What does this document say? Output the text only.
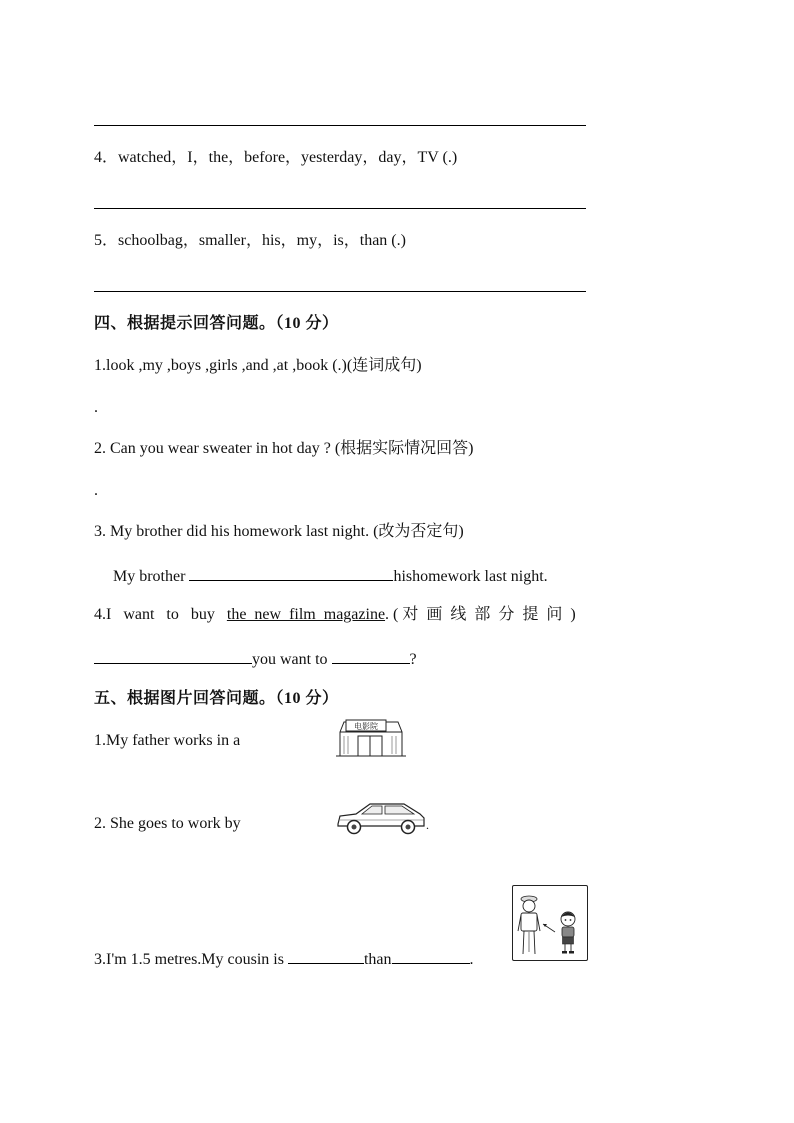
4．watched，I，the，before，yesterday，day，TV (.)
5．schoolbag，smaller，his，my，is，than (.)
四、根据提示回答问题。（10 分）
1.look ,my ,boys ,girls ,and ,at ,book (.)(连词成句)
.
2. Can you wear sweater in hot day ? (根据实际情况回答)
.
3. My brother did his homework last night. (改为否定句)
My brother	hishomework last night.
4.I   want   to   buy the  new  film  magazine. ( 对  画  线  部  分  提  问  )
you want to	?
五、根据图片回答问题。（10 分）
1.My father works in a
电影院
2. She goes to work by	.
3.I'm 1.5 metres.My cousin is	than	.
